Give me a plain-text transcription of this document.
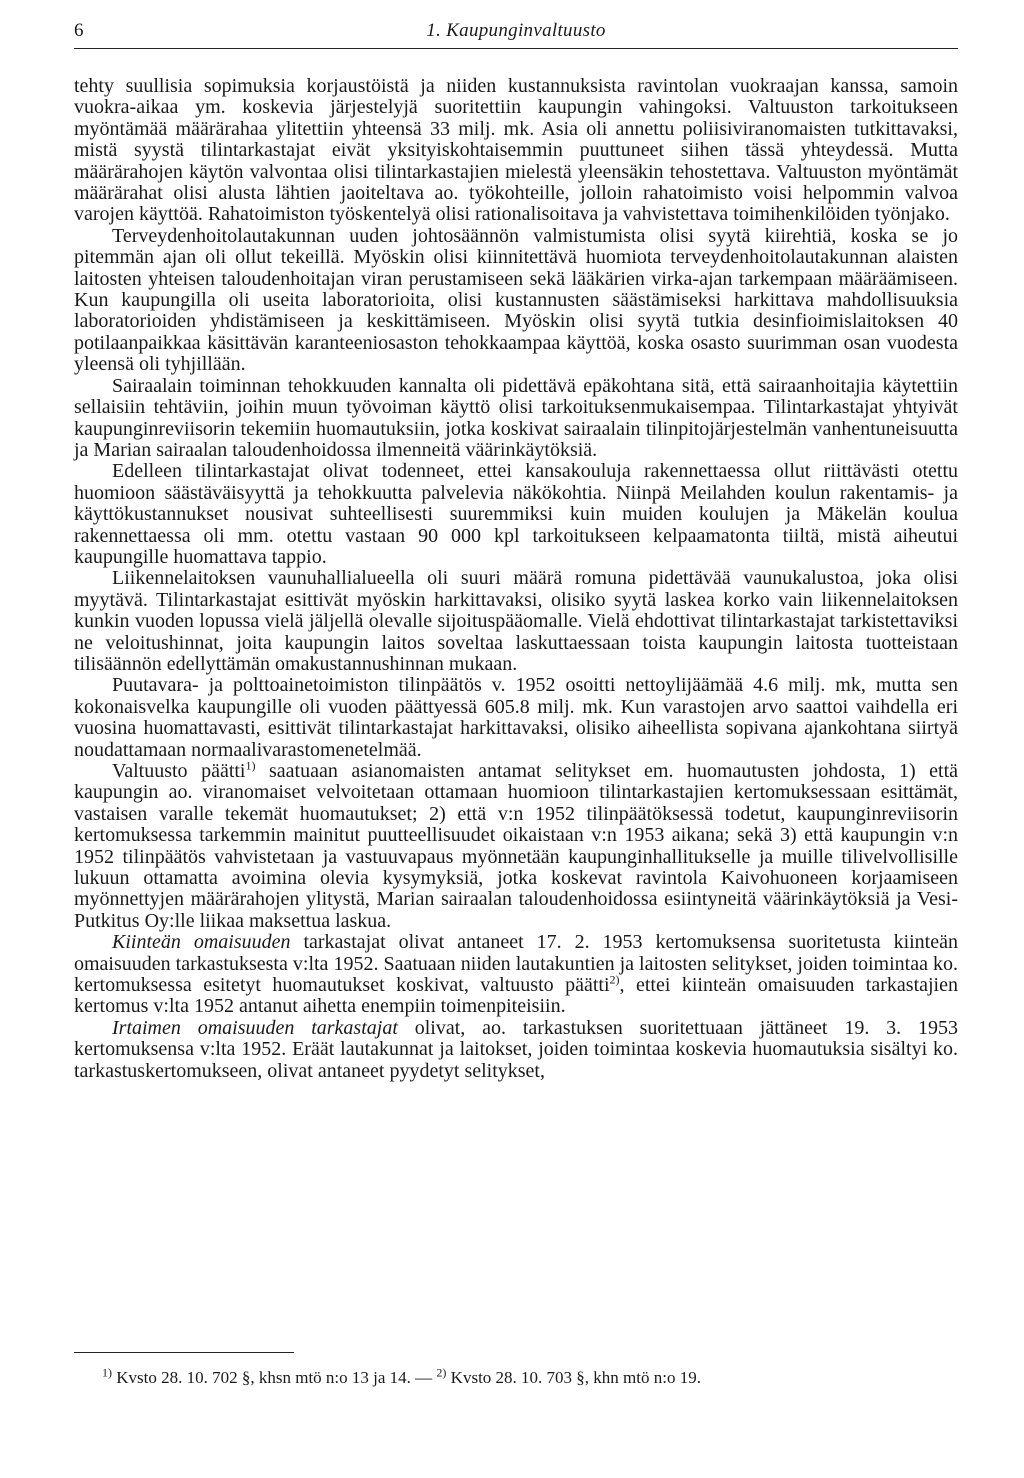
6	1. Kaupunginvaltuusto

tehty suullisia sopimuksia korjaustöistä ja niiden kustannuksista ravintolan vuokraajan kanssa, samoin vuokra-aikaa ym. koskevia järjestelyjä suoritettiin kaupungin vahingoksi. Valtuuston tarkoitukseen myöntämää määrärahaa ylitettiin yhteensä 33 milj. mk. Asia oli annettu poliisiviranomaisten tutkittavaksi, mistä syystä tilintarkastajat eivät yksityiskohtaisemmin puuttuneet siihen tässä yhteydessä. Mutta määrärahojen käytön valvontaa olisi tilintarkastajien mielestä yleensäkin tehostettava. Valtuuston myöntämät määrärahat olisi alusta lähtien jaoiteltava ao. työkohteille, jolloin rahatoimisto voisi helpommin valvoa varojen käyttöä. Rahatoimiston työskentelyä olisi rationalisoitava ja vahvistettava toimihenkilöiden työnjako.

Terveydenhoitolautakunnan uuden johtosäännön valmistumista olisi syytä kiirehtiä, koska se jo pitemmän ajan oli ollut tekeillä. Myöskin olisi kiinnitettävä huomiota terveydenhoitolautakunnan alaisten laitosten yhteisen taloudenhoitajan viran perustamiseen sekä lääkärien virka-ajan tarkempaan määräämiseen. Kun kaupungilla oli useita laboratorioita, olisi kustannusten säästämiseksi harkittava mahdollisuuksia laboratorioiden yhdistämiseen ja keskittämiseen. Myöskin olisi syytä tutkia desinfioimislaitoksen 40 potilaanpaikkaa käsittävän karanteeniosaston tehokkaampaa käyttöä, koska osasto suurimman osan vuodesta yleensä oli tyhjillään.

Sairaalain toiminnan tehokkuuden kannalta oli pidettävä epäkohtana sitä, että sairaanhoitajia käytettiin sellaisiin tehtäviin, joihin muun työvoiman käyttö olisi tarkoituksenmukaisempaa. Tilintarkastajat yhtyivät kaupunginreviisorin tekemiin huomautuksiin, jotka koskivat sairaalain tilinpitojärjestelmän vanhentuneisuutta ja Marian sairaalan taloudenhoidossa ilmenneitä väärinkäytöksiä.

Edelleen tilintarkastajat olivat todenneet, ettei kansakouluja rakennettaessa ollut riittävästi otettu huomioon säästäväisyyttä ja tehokkuutta palvelevia näkökohtia. Niinpä Meilahden koulun rakentamis- ja käyttökustannukset nousivat suhteellisesti suuremmiksi kuin muiden koulujen ja Mäkelän koulua rakennettaessa oli mm. otettu vastaan 90 000 kpl tarkoitukseen kelpaamatonta tiiltä, mistä aiheutui kaupungille huomattava tappio.

Liikennelaitoksen vaunuhallialueella oli suuri määrä romuna pidettävää vaunukalustoa, joka olisi myytävä. Tilintarkastajat esittivät myöskin harkittavaksi, olisiko syytä laskea korko vain liikennelaitoksen kunkin vuoden lopussa vielä jäljellä olevalle sijoituspääomalle. Vielä ehdottivat tilintarkastajat tarkistettaviksi ne veloitushinnat, joita kaupungin laitos soveltaa laskuttaessaan toista kaupungin laitosta tuotteistaan tilisäännön edellyttämän omakustannushinnan mukaan.

Puutavara- ja polttoainetoimiston tilinpäätös v. 1952 osoitti nettoylijäämää 4.6 milj. mk, mutta sen kokonaisvelka kaupungille oli vuoden päättyessä 605.8 milj. mk. Kun varastojen arvo saattoi vaihdella eri vuosina huomattavasti, esittivät tilintarkastajat harkittavaksi, olisiko aiheellista sopivana ajankohtana siirtyä noudattamaan normaalivarastomenetelmää.

Valtuusto päätti$^{1)}$ saatuaan asianomaisten antamat selitykset em. huomautusten johdosta, 1) että kaupungin ao. viranomaiset velvoitetaan ottamaan huomioon tilintarkastajien kertomuksessaan esittämät, vastaisen varalle tekemät huomautukset; 2) että v:n 1952 tilinpäätöksessä todetut, kaupunginreviisorin kertomuksessa tarkemmin mainitut puutteellisuudet oikaistaan v:n 1953 aikana; sekä 3) että kaupungin v:n 1952 tilinpäätös vahvistetaan ja vastuuvapaus myönnetään kaupunginhallitukselle ja muille tilivelvollisille lukuun ottamatta avoimina olevia kysymyksiä, jotka koskevat ravintola Kaivohuoneen korjaamiseen myönnettyjen määrärahojen ylitystä, Marian sairaalan taloudenhoidossa esiintyneitä väärinkäytöksiä ja Vesi-Putkitus Oy:lle liikaa maksettua laskua.

Kiinteän omaisuuden tarkastajat olivat antaneet 17. 2. 1953 kertomuksensa suoritetusta kiinteän omaisuuden tarkastuksesta v:lta 1952. Saatuaan niiden lautakuntien ja laitosten selitykset, joiden toimintaa ko. kertomuksessa esitetyt huomautukset koskivat, valtuusto päätti$^{2)}$, ettei kiinteän omaisuuden tarkastajien kertomus v:lta 1952 antanut aihetta enempiin toimenpiteisiin.

Irtaimen omaisuuden tarkastajat olivat, ao. tarkastuksen suoritettuaan jättäneet 19. 3. 1953 kertomuksensa v:lta 1952. Eräät lautakunnat ja laitokset, joiden toimintaa koskevia huomautuksia sisältyi ko. tarkastuskertomukseen, olivat antaneet pyydetyt selitykset,

$^{1)}$ Kvsto 28. 10. 702 §, khsn mtö n:o 13 ja 14. — $^{2)}$ Kvsto 28. 10. 703 §, khn mtö n:o 19.
